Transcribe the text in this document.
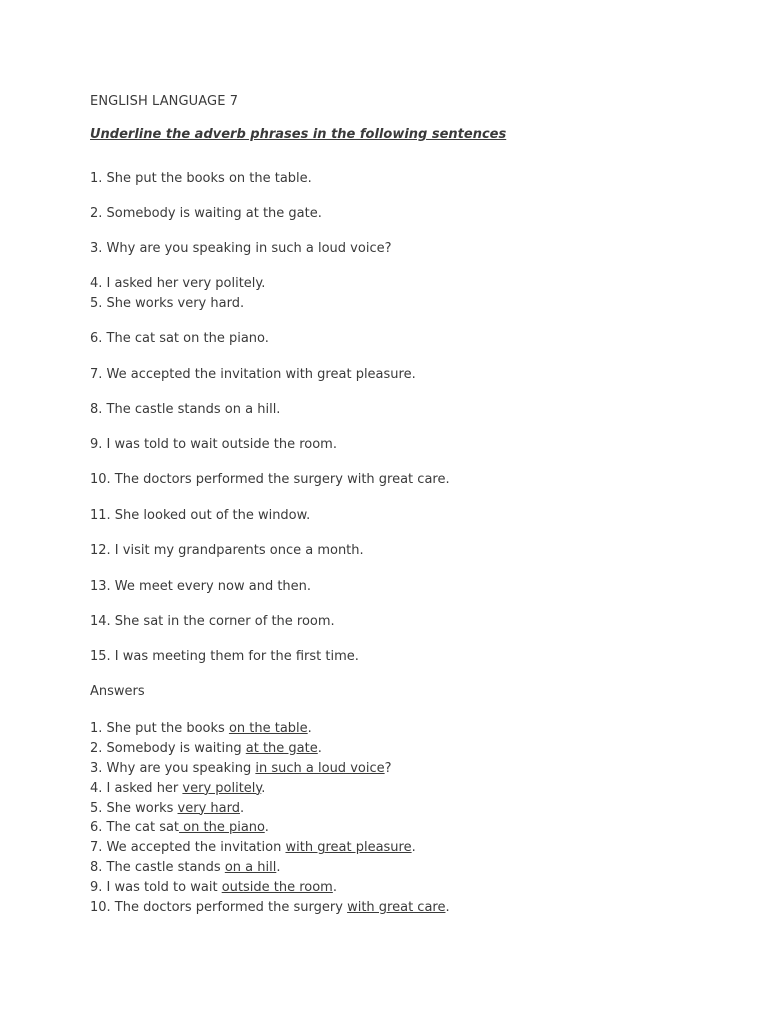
ENGLISH LANGUAGE 7
Underline the adverb phrases in the following sentences
1. She put the books on the table.
2. Somebody is waiting at the gate.
3. Why are you speaking in such a loud voice?
4. I asked her very politely.
5. She works very hard.
6. The cat sat on the piano.
7. We accepted the invitation with great pleasure.
8. The castle stands on a hill.
9. I was told to wait outside the room.
10. The doctors performed the surgery with great care.
11. She looked out of the window.
12. I visit my grandparents once a month.
13. We meet every now and then.
14. She sat in the corner of the room.
15. I was meeting them for the first time.
Answers
1. She put the books on the table.
2. Somebody is waiting at the gate.
3. Why are you speaking in such a loud voice?
4. I asked her very politely.
5. She works very hard.
6. The cat sat on the piano.
7. We accepted the invitation with great pleasure.
8. The castle stands on a hill.
9. I was told to wait outside the room.
10. The doctors performed the surgery with great care.
